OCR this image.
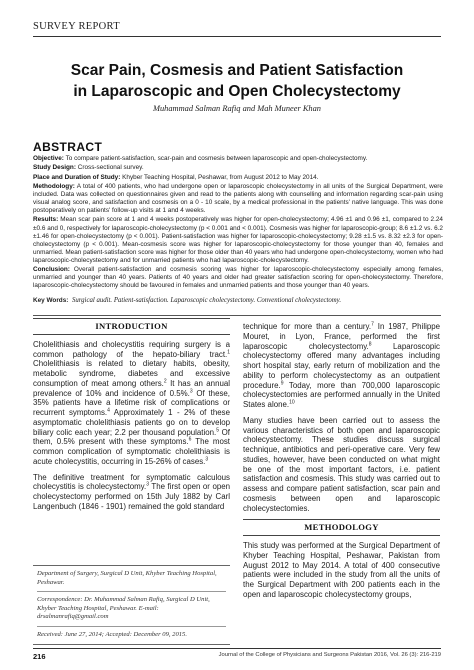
SURVEY REPORT
Scar Pain, Cosmesis and Patient Satisfaction
in Laparoscopic and Open Cholecystectomy
Muhammad Salman Rafiq and Mah Muneer Khan
ABSTRACT

Objective: To compare patient-satisfaction, scar-pain and cosmesis between laparoscopic and open-cholecystectomy.

Study Design: Cross-sectional survey.

Place and Duration of Study: Khyber Teaching Hospital, Peshawar, from August 2012 to May 2014.

Methodology: A total of 400 patients, who had undergone open or laparoscopic cholecystectomy in all units of the Surgical Department, were included. Data was collected on questionnaires given and read to the patients along with counselling and information regarding scar-pain using visual analog score, and satisfaction and cosmesis on a 0 - 10 scale, by a medical professional in the patients' native language. This was done postoperatively on patients' follow-up visits at 1 and 4 weeks.

Results: Mean scar pain score at 1 and 4 weeks postoperatively was higher for open-cholecystectomy; 4.96 ±1 and 0.96 ±1, compared to 2.24 ±0.6 and 0, respectively for laparoscopic-cholecystectomy (p < 0.001 and < 0.001). Cosmesis was higher for laparoscopic-group; 8.6 ±1.2 vs. 6.2 ±1.46 for open-cholecystectomy (p < 0.001). Patient-satisfaction was higher for laparoscopic-cholecystectomy; 9.28 ±1.5 vs. 8.32 ±2.3 for open-cholecystectomy (p < 0.001). Mean-cosmesis score was higher for laparoscopic-cholecystectomy for those younger than 40, females and unmarried. Mean patient-satisfaction score was higher for those older than 40 years who had undergone open-cholecystectomy, women who had laparoscopic-cholecystectomy and for unmarried patients who had laparoscopic-cholecystectomy.

Conclusion: Overall patient-satisfaction and cosmesis scoring was higher for laparoscopic-cholecystectomy especially among females, unmarried and younger than 40 years. Patients of 40 years and older had greater satisfaction scoring for open-cholecystectomy. Therefore, laparoscopic-cholecystectomy should be favoured in females and unmarried patients and those younger than 40 years.

Key Words: Surgical audit. Patient-satisfaction. Laparoscopic cholecystectomy. Conventional cholecystectomy.
INTRODUCTION

Cholelithiasis and cholecystitis requiring surgery is a common pathology of the hepato-biliary tract.$^1$ Cholelithiasis is related to dietary habits, obesity, metabolic syndrome, diabetes and excessive consumption of meat among others.$^2$ It has an annual prevalence of 10% and incidence of 0.5%.$^3$ Of these, 35% patients have a lifetime risk of complications or recurrent symptoms.$^4$ Approximately 1 - 2% of these asymptomatic cholelithiasis patients go on to develop biliary colic each year; 2.2 per thousand population.$^5$ Of them, 0.5% present with these symptoms.$^6$ The most common complication of symptomatic cholelithiasis is acute cholecystitis, occurring in 15-26% of cases.$^3$

The definitive treatment for symptomatic calculous cholecystitis is cholecystectomy.$^3$ The first open or open cholecystectomy performed on 15th July 1882 by Carl Langenbuch (1846 - 1901) remained the gold standard

Department of Surgery, Surgical D Unit, Khyber Teaching Hospital, Peshawar.
Correspondence: Dr. Muhammad Salman Rafiq, Surgical D Unit, Khyber Teaching Hospital, Peshawar. E-mail: drsalmanrafiq@gmail.com
Received: June 27, 2014; Accepted: December 09, 2015.

technique for more than a century.$^7$ In 1987, Philippe Mouret, in Lyon, France, performed the first laparoscopic cholecystectomy.$^8$ Laparoscopic cholecystectomy offered many advantages including short hospital stay, early return of mobilization and the ability to perform cholecystectomy as an outpatient procedure.$^9$ Today, more than 700,000 laparoscopic cholecystectomies are performed annually in the United States alone.$^{10}$

Many studies have been carried out to assess the various characteristics of both open and laparoscopic cholecystectomy. These studies discuss surgical technique, antibiotics and peri-operative care. Very few studies, however, have been conducted on what might be one of the most important factors, i.e. patient satisfaction and cosmesis. This study was carried out to assess and compare patient satisfaction, scar pain and cosmesis between open and laparoscopic cholecystectomies.

METHODOLOGY

This study was performed at the Surgical Department of Khyber Teaching Hospital, Peshawar, Pakistan from August 2012 to May 2014. A total of 400 consecutive patients were included in the study from all the units of the Surgical Department with 200 patients each in the open and laparoscopic cholecystectomy groups,

216	Journal of the College of Physicians and Surgeons Pakistan 2016, Vol. 26 (3): 216-219
